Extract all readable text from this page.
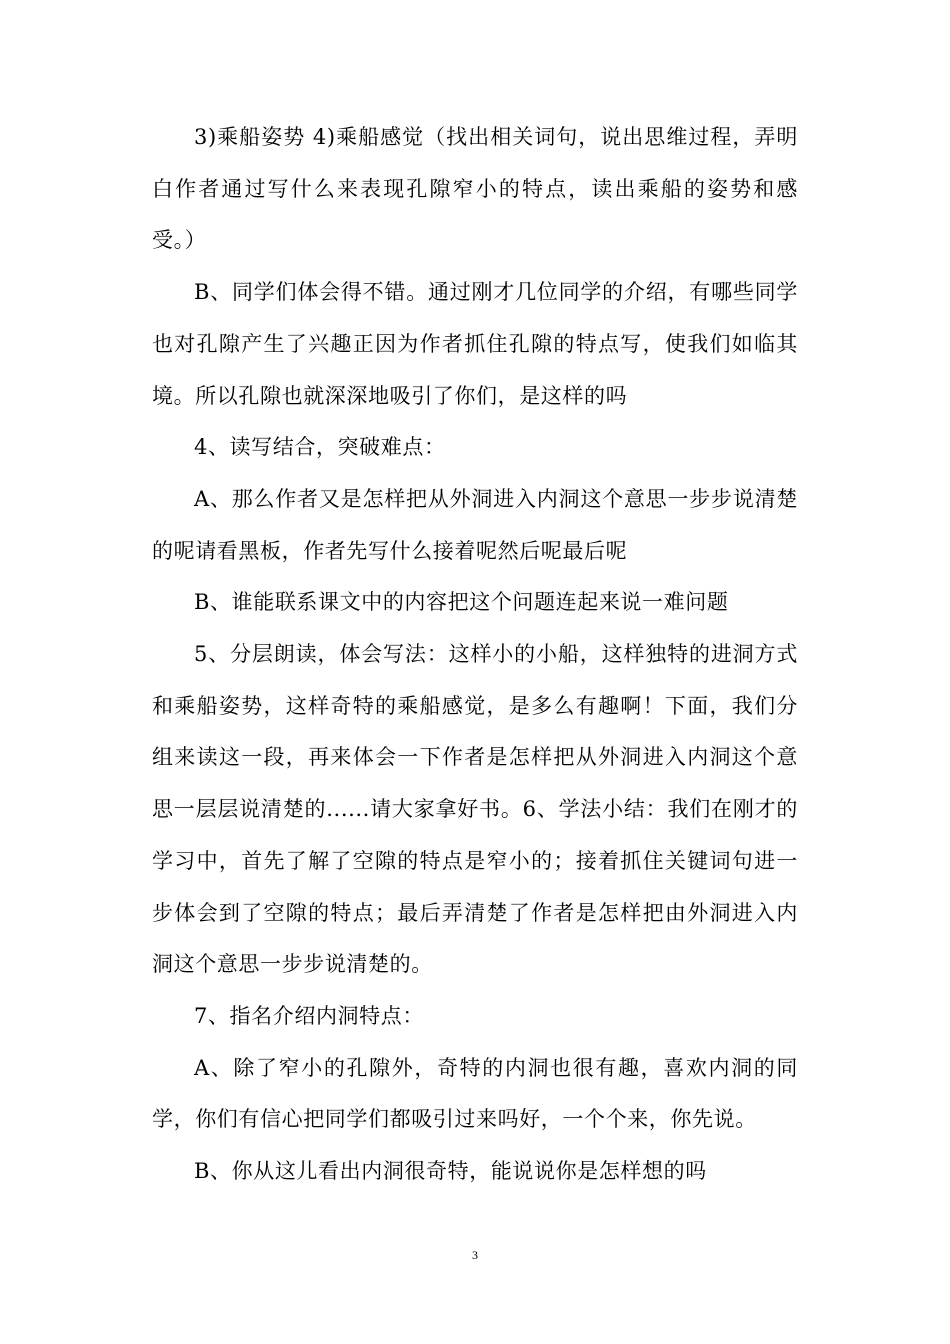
3)乘船姿势 4)乘船感觉（找出相关词句，说出思维过程，弄明白作者通过写什么来表现孔隙窄小的特点，读出乘船的姿势和感受。）

B、同学们体会得不错。通过刚才几位同学的介绍，有哪些同学也对孔隙产生了兴趣正因为作者抓住孔隙的特点写，使我们如临其境。所以孔隙也就深深地吸引了你们，是这样的吗

4、读写结合，突破难点：

A、那么作者又是怎样把从外洞进入内洞这个意思一步步说清楚的呢请看黑板，作者先写什么接着呢然后呢最后呢

B、谁能联系课文中的内容把这个问题连起来说一难问题

5、分层朗读，体会写法：这样小的小船，这样独特的进洞方式和乘船姿势，这样奇特的乘船感觉，是多么有趣啊！下面，我们分组来读这一段，再来体会一下作者是怎样把从外洞进入内洞这个意思一层层说清楚的......请大家拿好书。6、学法小结：我们在刚才的学习中，首先了解了空隙的特点是窄小的；接着抓住关键词句进一步体会到了空隙的特点；最后弄清楚了作者是怎样把由外洞进入内洞这个意思一步步说清楚的。

7、指名介绍内洞特点：

A、除了窄小的孔隙外，奇特的内洞也很有趣，喜欢内洞的同学，你们有信心把同学们都吸引过来吗好，一个个来，你先说。

B、你从这儿看出内洞很奇特，能说说你是怎样想的吗

3
